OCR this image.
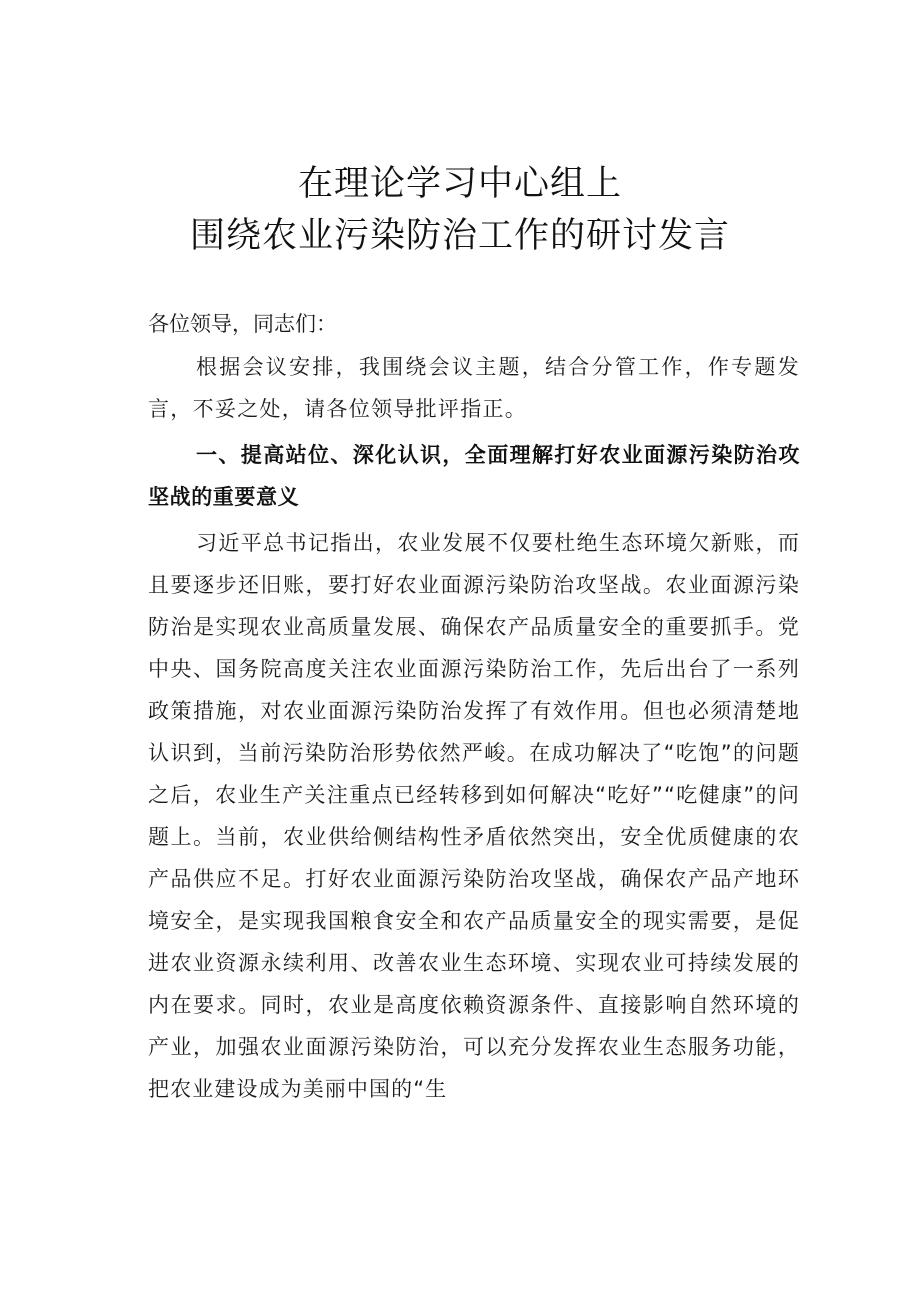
在理论学习中心组上
围绕农业污染防治工作的研讨发言
各位领导，同志们：
根据会议安排，我围绕会议主题，结合分管工作，作专题发言，不妥之处，请各位领导批评指正。
一、提高站位、深化认识，全面理解打好农业面源污染防治攻坚战的重要意义
习近平总书记指出，农业发展不仅要杜绝生态环境欠新账，而且要逐步还旧账，要打好农业面源污染防治攻坚战。农业面源污染防治是实现农业高质量发展、确保农产品质量安全的重要抓手。党中央、国务院高度关注农业面源污染防治工作，先后出台了一系列政策措施，对农业面源污染防治发挥了有效作用。但也必须清楚地认识到，当前污染防治形势依然严峻。在成功解决了“吃饱”的问题之后，农业生产关注重点已经转移到如何解决“吃好”“吃健康”的问题上。当前，农业供给侧结构性矛盾依然突出，安全优质健康的农产品供应不足。打好农业面源污染防治攻坚战，确保农产品产地环境安全，是实现我国粮食安全和农产品质量安全的现实需要，是促进农业资源永续利用、改善农业生态环境、实现农业可持续发展的内在要求。同时，农业是高度依赖资源条件、直接影响自然环境的产业，加强农业面源污染防治，可以充分发挥农业生态服务功能，把农业建设成为美丽中国的“生
